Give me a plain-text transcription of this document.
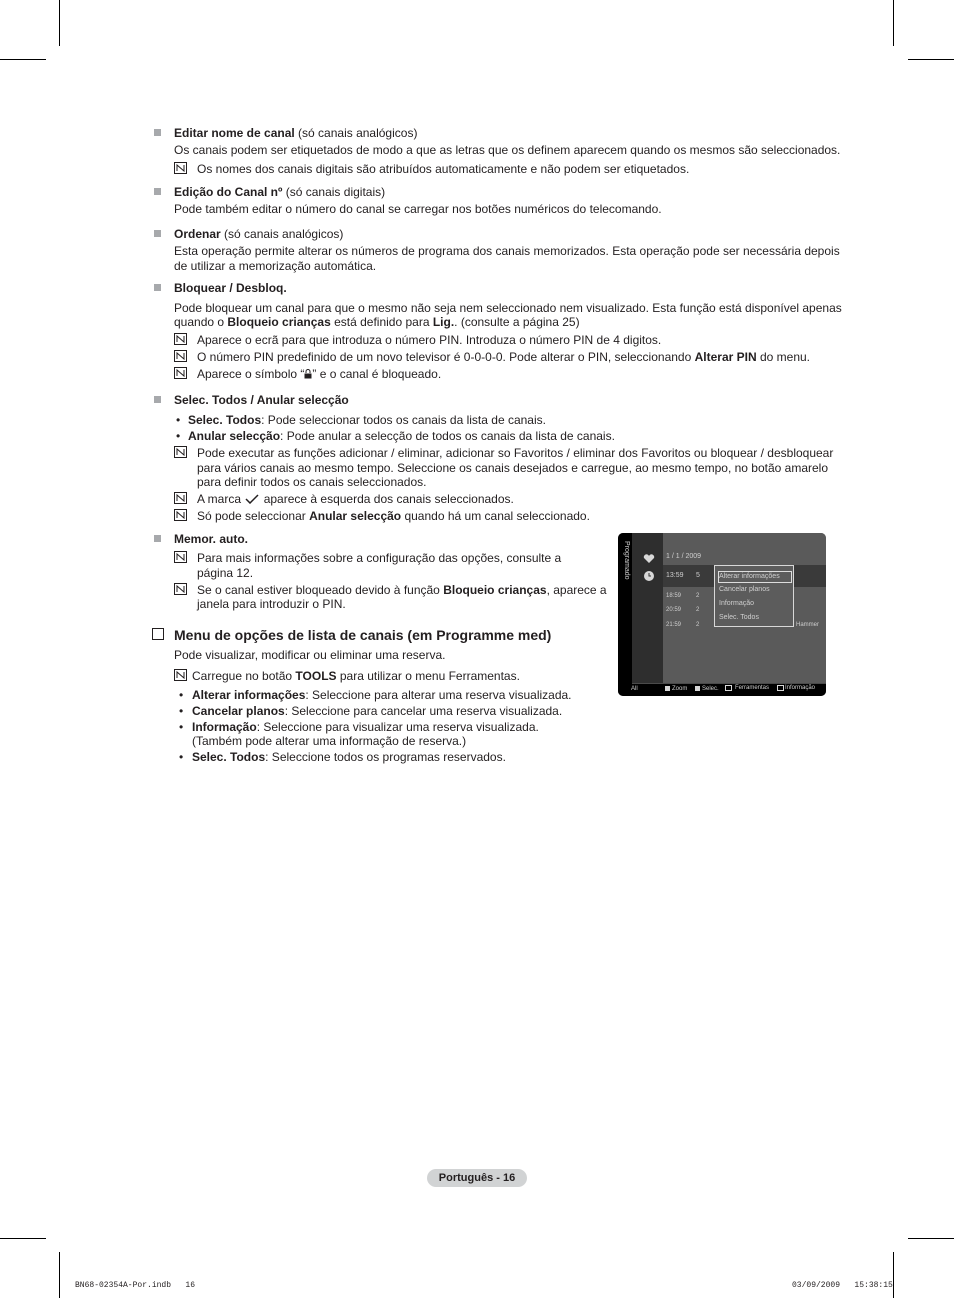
Editar nome de canal (só canais analógicos)
Os canais podem ser etiquetados de modo a que as letras que os definem aparecem quando os mesmos são seleccionados.
Os nomes dos canais digitais são atribuídos automaticamente e não podem ser etiquetados.
Edição do Canal nº (só canais digitais)
Pode também editar o número do canal se carregar nos botões numéricos do telecomando.
Ordenar (só canais analógicos)
Esta operação permite alterar os números de programa dos canais memorizados. Esta operação pode ser necessária depois
de utilizar a memorização automática.
Bloquear / Desbloq.
Pode bloquear um canal para que o mesmo não seja nem seleccionado nem visualizado. Esta função está disponível apenas
quando o Bloqueio crianças está definido para Lig.. (consulte a página 25)
Aparece o ecrã para que introduza o número PIN. Introduza o número PIN de 4 digitos.
O número PIN predefinido de um novo televisor é 0-0-0-0. Pode alterar o PIN, seleccionando Alterar PIN do menu.
Aparece o símbolo “ ” e o canal é bloqueado.
Selec. Todos / Anular selecção
• Selec. Todos: Pode seleccionar todos os canais da lista de canais.
• Anular selecção: Pode anular a selecção de todos os canais da lista de canais.
Pode executar as funções adicionar / eliminar, adicionar so Favoritos / eliminar dos Favoritos ou bloquear / desbloquear
para vários canais ao mesmo tempo. Seleccione os canais desejados e carregue, ao mesmo tempo, no botão amarelo
para definir todos os canais seleccionados.
A marca  aparece à esquerda dos canais seleccionados.
Só pode seleccionar Anular selecção quando há um canal seleccionado.
Memor. auto.
Para mais informações sobre a configuração das opções, consulte a
página 12.
Se o canal estiver bloqueado devido à função Bloqueio crianças, aparece a
janela para introduzir o PIN.
Menu de opções de lista de canais (em Programme med)
Pode visualizar, modificar ou eliminar uma reserva.
Carregue no botão TOOLS para utilizar o menu Ferramentas.
• Alterar informações: Seleccione para alterar uma reserva visualizada.
• Cancelar planos: Seleccione para cancelar uma reserva visualizada.
• Informação: Seleccione para visualizar uma reserva visualizada.
(Também pode alterar uma informação de reserva.)
• Selec. Todos: Seleccione todos os programas reservados.
Programado	1 / 1 / 2009
13:59 5
18:59 2
20:59 2
21:59 2	Hammer
Alterar informações
Cancelar planos
Informação
Selec. Todos
All	Zoom Selec.	Ferramentas	Informação
Português - 16
BN68-02354A-Por.indb   16	03/09/2009   15:38:15
